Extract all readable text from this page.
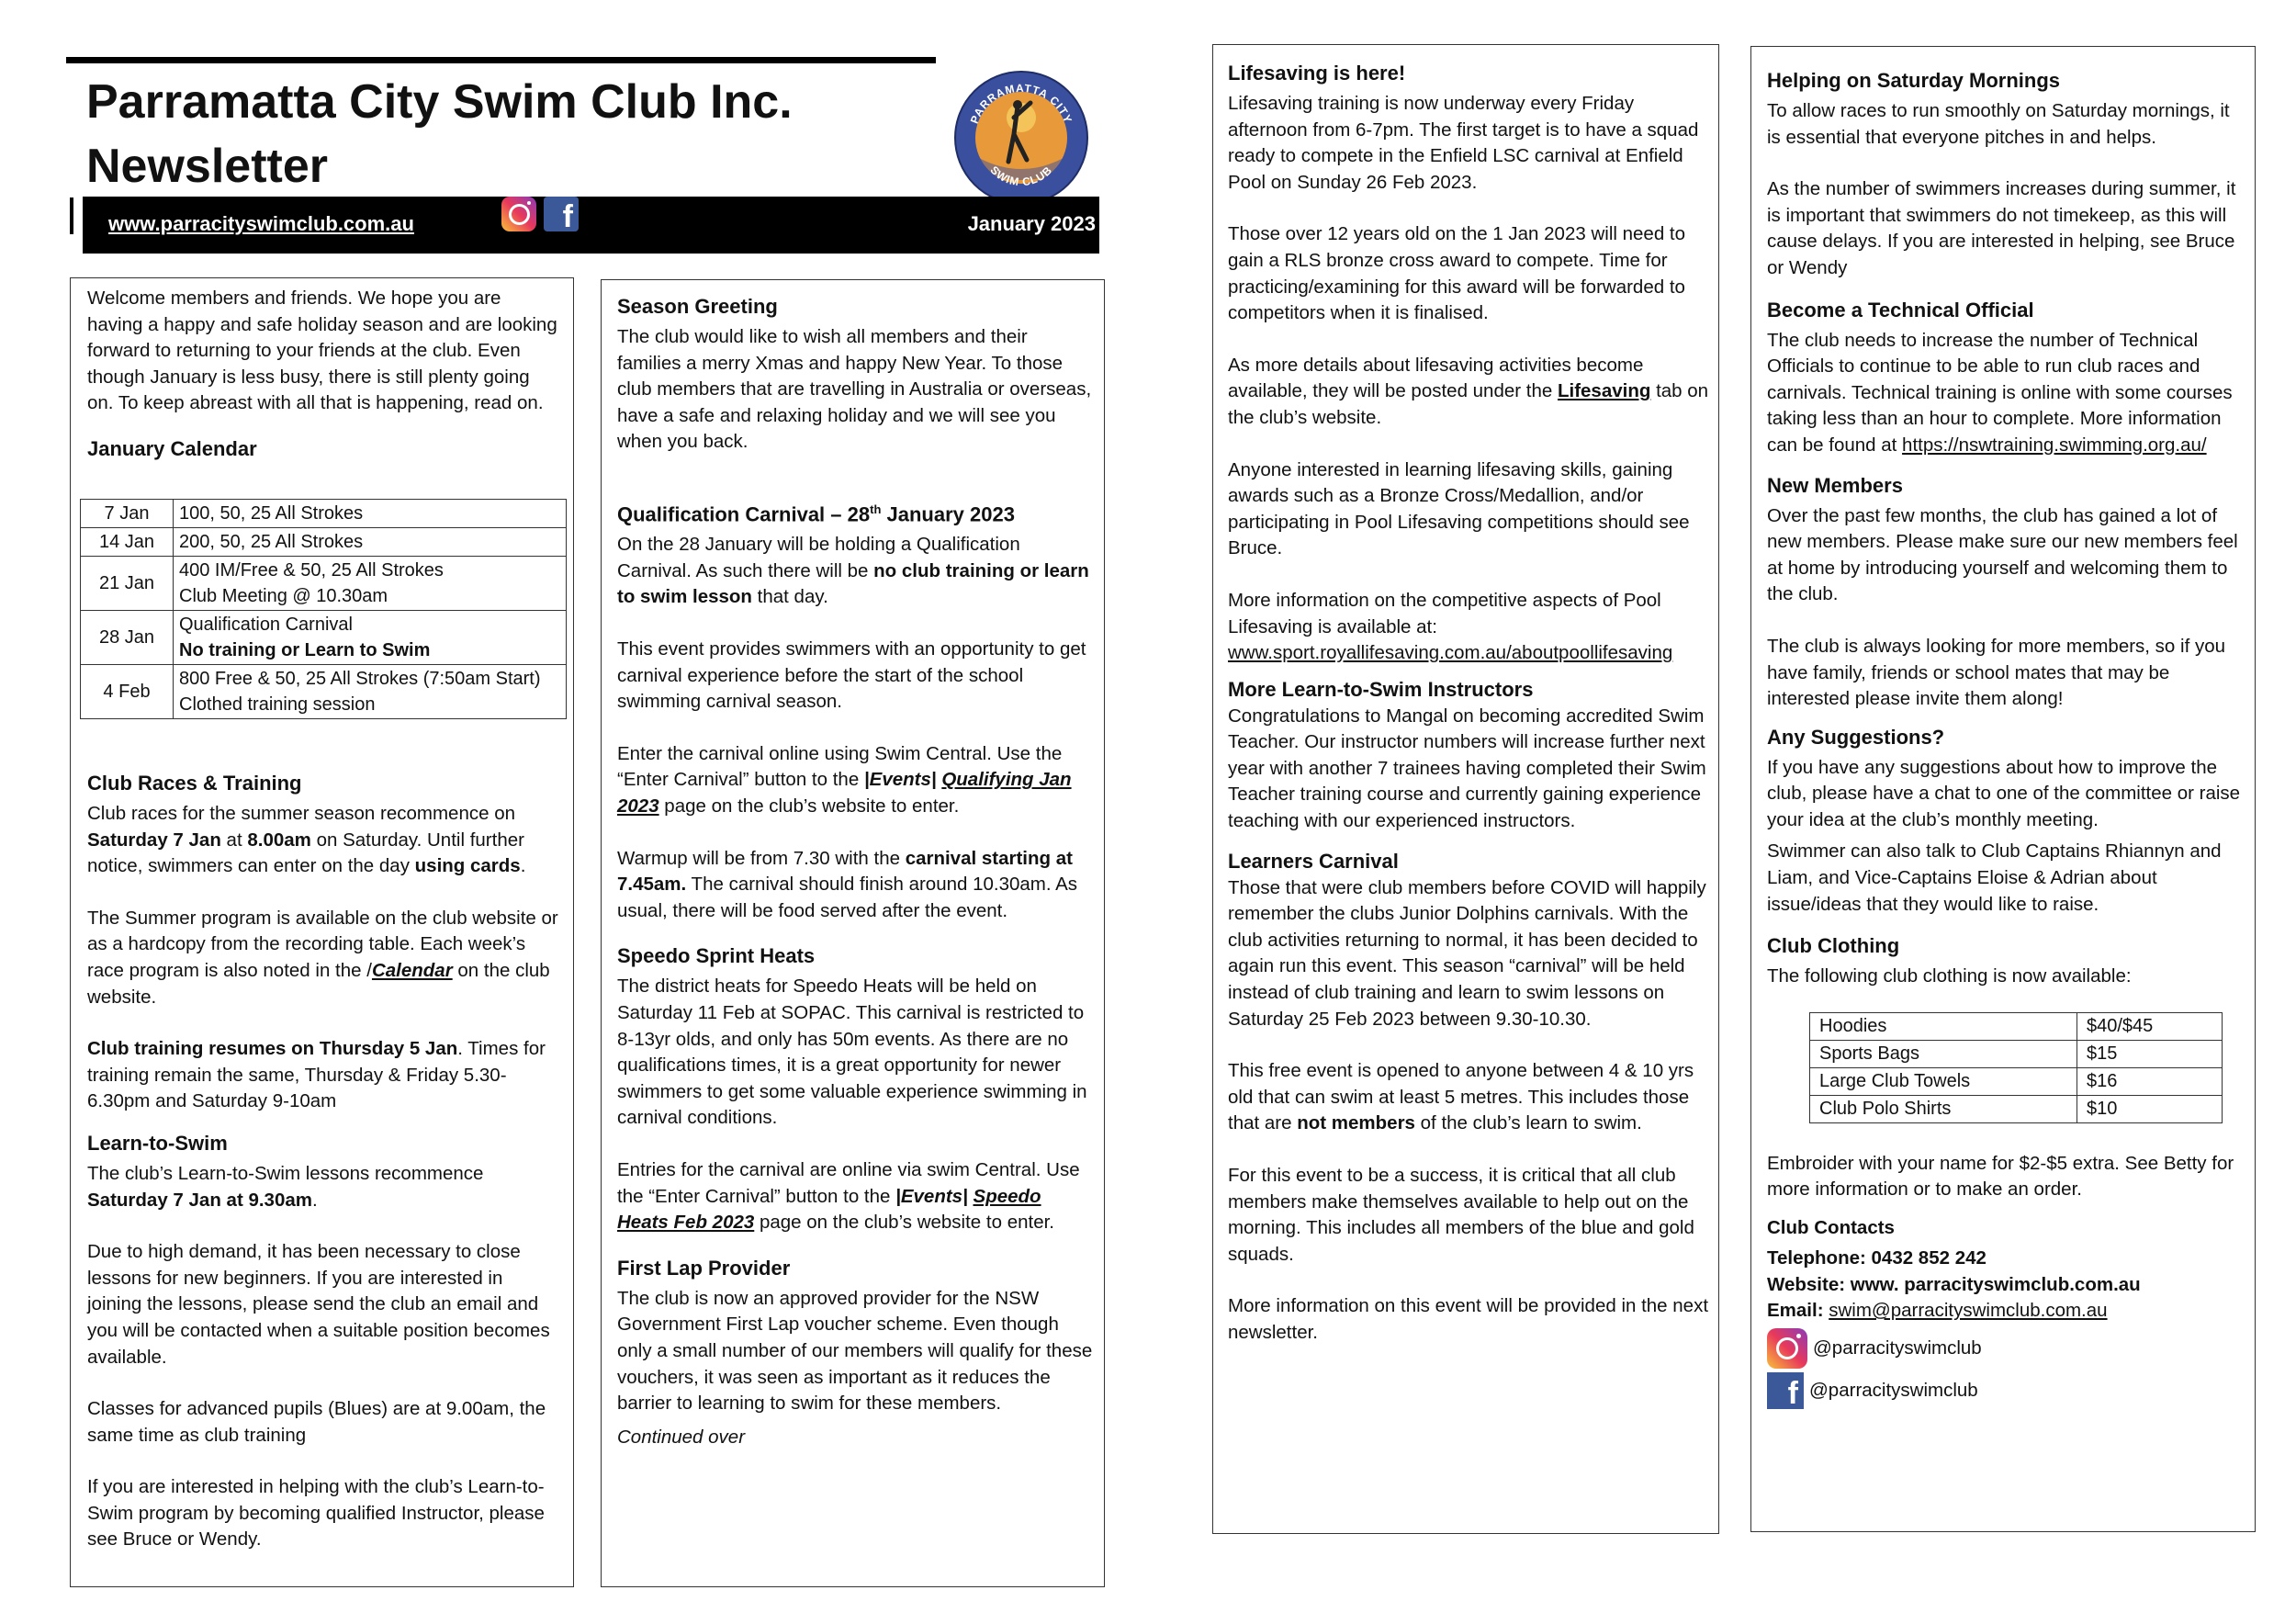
Parramatta City Swim Club Inc.
Newsletter
PARRAMATTA CITY
SWIM CLUB
www.parracityswimclub.com.au	f	January 2023

Welcome members and friends. We hope you are having a happy and safe holiday season and are looking forward to returning to your friends at the club. Even though January is less busy, there is still plenty going on. To keep abreast with all that is happening, read on.

January Calendar
7 Jan	100, 50, 25 All Strokes

14 Jan	200, 50, 25 All Strokes

21 Jan	400 IM/Free & 50, 25 All Strokes
Club Meeting @ 10.30am

28 Jan	Qualification Carnival
No training or Learn to Swim

4 Feb	800 Free & 50, 25 All Strokes (7:50am Start)
Clothed training session
Club Races & Training

Club races for the summer season recommence on Saturday 7 Jan at 8.00am on Saturday. Until further notice, swimmers can enter on the day using cards.

The Summer program is available on the club website or as a hardcopy from the recording table. Each week’s race program is also noted in the /Calendar on the club website.

Club training resumes on Thursday 5 Jan. Times for training remain the same, Thursday & Friday 5.30-6.30pm and Saturday 9-10am

Learn-to-Swim

The club’s Learn-to-Swim lessons recommence Saturday 7 Jan at 9.30am.

Due to high demand, it has been necessary to close lessons for new beginners. If you are interested in joining the lessons, please send the club an email and you will be contacted when a suitable position becomes available.

Classes for advanced pupils (Blues) are at 9.00am, the same time as club training

If you are interested in helping with the club’s Learn-to-Swim program by becoming qualified Instructor, please see Bruce or Wendy.

Season Greeting

The club would like to wish all members and their families a merry Xmas and happy New Year. To those club members that are travelling in Australia or overseas, have a safe and relaxing holiday and we will see you when you back.

Qualification Carnival – 28th January 2023

On the 28 January will be holding a Qualification Carnival. As such there will be no club training or learn to swim lesson that day.

This event provides swimmers with an opportunity to get carnival experience before the start of the school swimming carnival season.

Enter the carnival online using Swim Central. Use the “Enter Carnival” button to the |Events| Qualifying Jan 2023 page on the club’s website to enter.

Warmup will be from 7.30 with the carnival starting at 7.45am. The carnival should finish around 10.30am. As usual, there will be food served after the event.

Speedo Sprint Heats

The district heats for Speedo Heats will be held on Saturday 11 Feb at SOPAC. This carnival is restricted to 8-13yr olds, and only has 50m events. As there are no qualifications times, it is a great opportunity for newer swimmers to get some valuable experience swimming in carnival conditions.

Entries for the carnival are online via swim Central. Use the “Enter Carnival” button to the |Events| Speedo Heats Feb 2023 page on the club’s website to enter.

First Lap Provider

The club is now an approved provider for the NSW Government First Lap voucher scheme. Even though only a small number of our members will qualify for these vouchers, it was seen as important as it reduces the barrier to learning to swim for these members.

Continued over

Lifesaving is here!

Lifesaving training is now underway every Friday afternoon from 6-7pm. The first target is to have a squad ready to compete in the Enfield LSC carnival at Enfield Pool on Sunday 26 Feb 2023.

Those over 12 years old on the 1 Jan 2023 will need to gain a RLS bronze cross award to compete. Time for practicing/examining for this award will be forwarded to competitors when it is finalised.

As more details about lifesaving activities become available, they will be posted under the Lifesaving tab on the club’s website.

Anyone interested in learning lifesaving skills, gaining awards such as a Bronze Cross/Medallion, and/or participating in Pool Lifesaving competitions should see Bruce.

More information on the competitive aspects of Pool Lifesaving is available at:
www.sport.royallifesaving.com.au/aboutpoollifesaving

More Learn-to-Swim Instructors

Congratulations to Mangal on becoming accredited Swim Teacher. Our instructor numbers will increase further next year with another 7 trainees having completed their Swim Teacher training course and currently gaining experience teaching with our experienced instructors.

Learners Carnival

Those that were club members before COVID will happily remember the clubs Junior Dolphins carnivals. With the club activities returning to normal, it has been decided to again run this event. This season “carnival” will be held instead of club training and learn to swim lessons on Saturday 25 Feb 2023 between 9.30-10.30.

This free event is opened to anyone between 4 & 10 yrs old that can swim at least 5 metres. This includes those that are not members of the club’s learn to swim.

For this event to be a success, it is critical that all club members make themselves available to help out on the morning. This includes all members of the blue and gold squads.

More information on this event will be provided in the next newsletter.

Helping on Saturday Mornings

To allow races to run smoothly on Saturday mornings, it is essential that everyone pitches in and helps.

As the number of swimmers increases during summer, it is important that swimmers do not timekeep, as this will cause delays. If you are interested in helping, see Bruce or Wendy

Become a Technical Official

The club needs to increase the number of Technical Officials to continue to be able to run club races and carnivals. Technical training is online with some courses taking less than an hour to complete. More information can be found at https://nswtraining.swimming.org.au/

New Members

Over the past few months, the club has gained a lot of new members. Please make sure our new members feel at home by introducing yourself and welcoming them to the club.

The club is always looking for more members, so if you have family, friends or school mates that may be interested please invite them along!

Any Suggestions?

If you have any suggestions about how to improve the club, please have a chat to one of the committee or raise your idea at the club’s monthly meeting.

Swimmer can also talk to Club Captains Rhiannyn and Liam, and Vice-Captains Eloise & Adrian about issue/ideas that they would like to raise.

Club Clothing

The following club clothing is now available:

Hoodies	$40/$45
Sports Bags	$15
Large Club Towels	$16
Club Polo Shirts	$10

Embroider with your name for $2-$5 extra. See Betty for more information or to make an order.

Club Contacts
Telephone: 0432 852 242
Website: www. parracityswimclub.com.au
Email: swim@parracityswimclub.com.au
@parracityswimclub
f @parracityswimclub
